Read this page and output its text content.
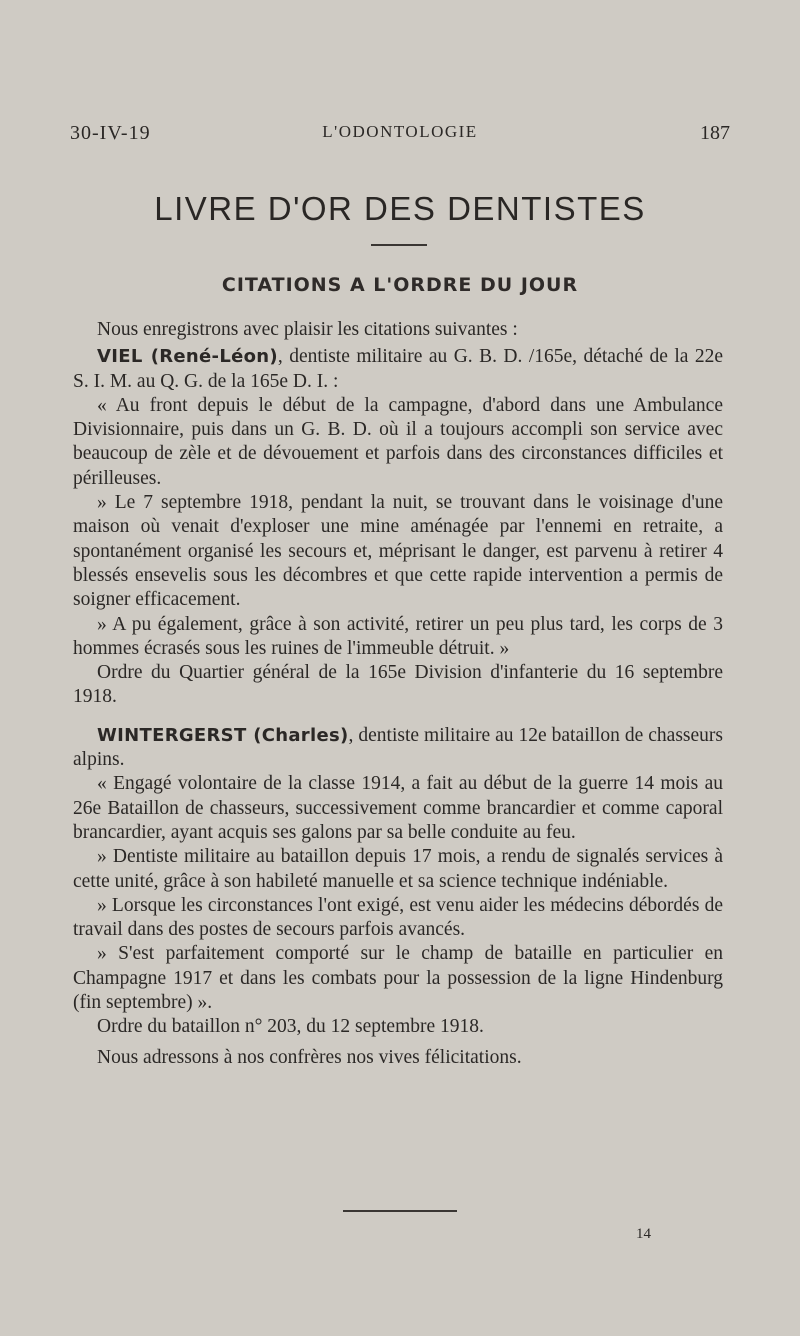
30-IV-19	L'ODONTOLOGIE	187
LIVRE D'OR DES DENTISTES
CITATIONS A L'ORDRE DU JOUR

Nous enregistrons avec plaisir les citations suivantes :

VIEL (René-Léon), dentiste militaire au G. B. D. /165e, détaché de la 22e S. I. M. au Q. G. de la 165e D. I. :

« Au front depuis le début de la campagne, d'abord dans une Ambulance Divisionnaire, puis dans un G. B. D. où il a toujours accompli son service avec beaucoup de zèle et de dévouement et parfois dans des circonstances difficiles et périlleuses.

» Le 7 septembre 1918, pendant la nuit, se trouvant dans le voisinage d'une maison où venait d'exploser une mine aménagée par l'ennemi en retraite, a spontanément organisé les secours et, méprisant le danger, est parvenu à retirer 4 blessés ensevelis sous les décombres et que cette rapide intervention a permis de soigner efficacement.

» A pu également, grâce à son activité, retirer un peu plus tard, les corps de 3 hommes écrasés sous les ruines de l'immeuble détruit. »

Ordre du Quartier général de la 165e Division d'infanterie du 16 septembre 1918.

WINTERGERST (Charles), dentiste militaire au 12e bataillon de chasseurs alpins.

« Engagé volontaire de la classe 1914, a fait au début de la guerre 14 mois au 26e Bataillon de chasseurs, successivement comme brancardier et comme caporal brancardier, ayant acquis ses galons par sa belle conduite au feu.

» Dentiste militaire au bataillon depuis 17 mois, a rendu de signalés services à cette unité, grâce à son habileté manuelle et sa science technique indéniable.

» Lorsque les circonstances l'ont exigé, est venu aider les médecins débordés de travail dans des postes de secours parfois avancés.

» S'est parfaitement comporté sur le champ de bataille en particulier en Champagne 1917 et dans les combats pour la possession de la ligne Hindenburg (fin septembre) ».

Ordre du bataillon n° 203, du 12 septembre 1918.

Nous adressons à nos confrères nos vives félicitations.

14
